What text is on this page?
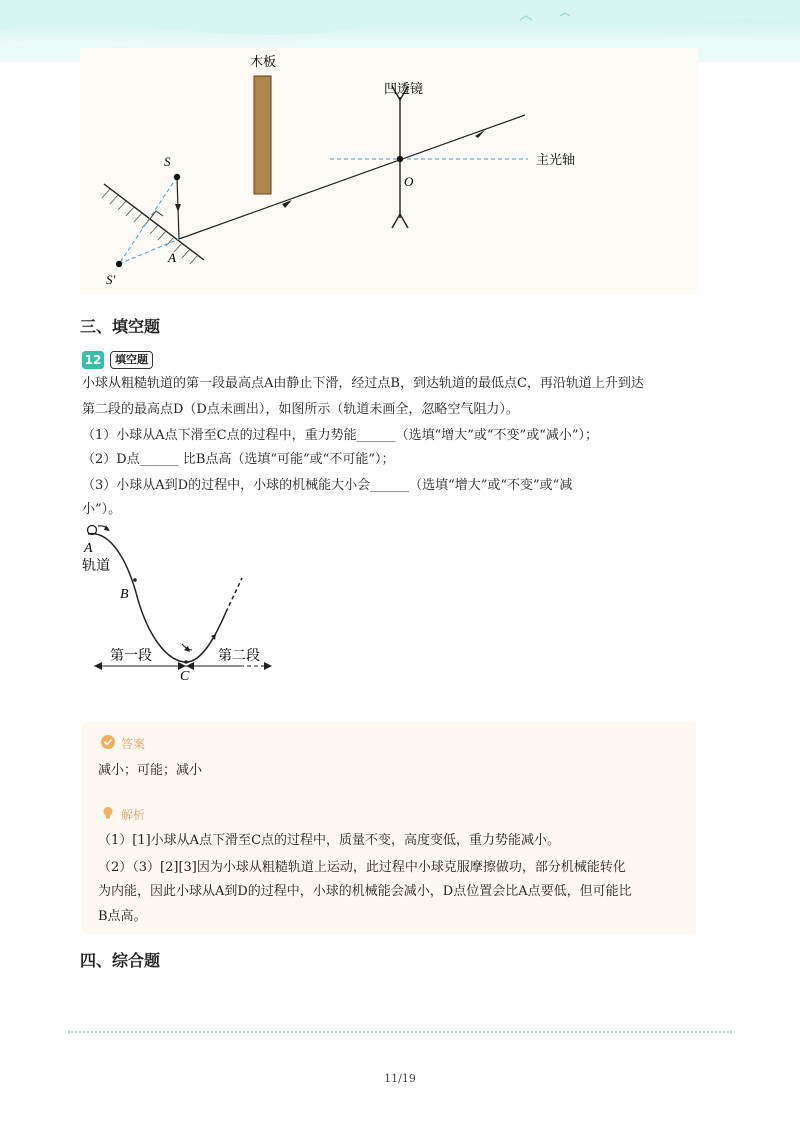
木板
凹透镜
主光轴
S
S′
A
O
三、填空题
12	填空题
小球从粗糙轨道的第一段最高点A由静止下滑，经过点B，到达轨道的最低点C，再沿轨道上升到达
第二段的最高点D（D点未画出），如图所示（轨道未画全，忽略空气阻力）。
（1）小球从A点下滑至C点的过程中，重力势能______（选填“增大”或“不变”或“减小”）；
（2）D点______ 比B点高（选填“可能”或“不可能”）；
（3）小球从A到D的过程中，小球的机械能大小会______（选填“增大”或“不变”或“减
小”）。
A
轨道
B
C
第一段	第二段
答案
减小；可能；减小
解析
（1）[1]小球从A点下滑至C点的过程中，质量不变，高度变低，重力势能减小。
（2）（3）[2][3]因为小球从粗糙轨道上运动，此过程中小球克服摩擦做功，部分机械能转化
为内能，因此小球从A到D的过程中，小球的机械能会减小，D点位置会比A点要低，但可能比
B点高。
四、综合题
11/19
